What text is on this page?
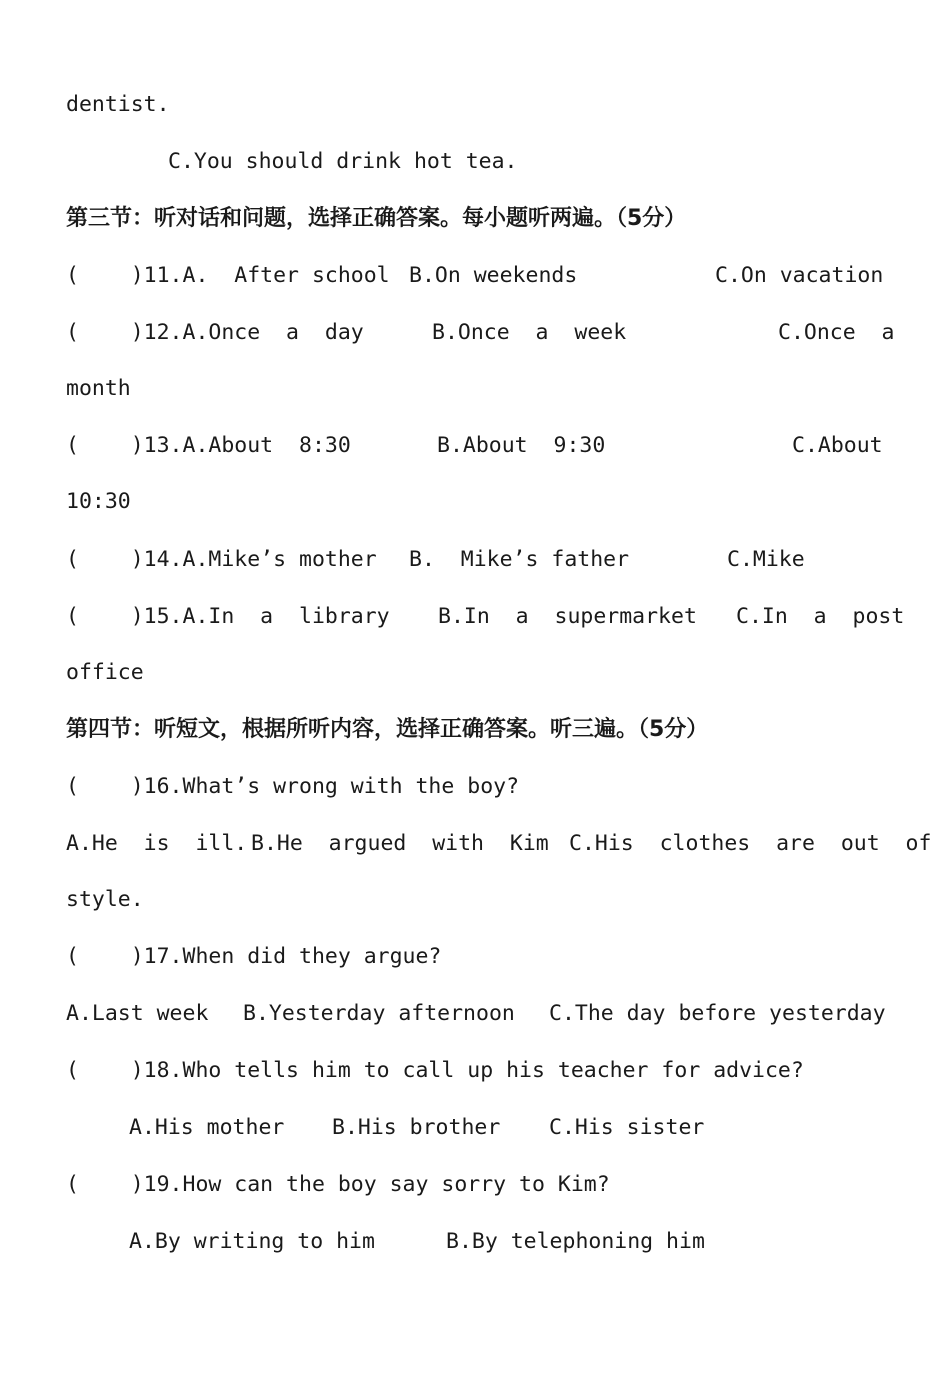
dentist.

C.You should drink hot tea.

第三节：听对话和问题，选择正确答案。每小题听两遍。（5分）

(    )11.A.  After school

B.On weekends

	C.On vacation

(    )12.A.Once  a  day

	B.Once  a  week

	C.Once  a

month

(    )13.A.About  8:30

	B.About  9:30

	C.About

10:30

(    )14.A.Mike’s mother

B.  Mike’s father

	C.Mike

(    )15.A.In  a  library

B.In  a  supermarket

C.In  a  post

office

第四节：听短文，根据所听内容，选择正确答案。听三遍。（5分）

(    )16.What’s wrong with the boy?

A.He  is  ill.

B.He  argued  with  Kim

C.His  clothes  are  out  of

style.

(    )17.When did they argue?

A.Last week

B.Yesterday afternoon

C.The day before yesterday

(    )18.Who tells him to call up his teacher for advice?

A.His mother

B.His brother

C.His sister

(    )19.How can the boy say sorry to Kim?

A.By writing to him

	B.By telephoning him
